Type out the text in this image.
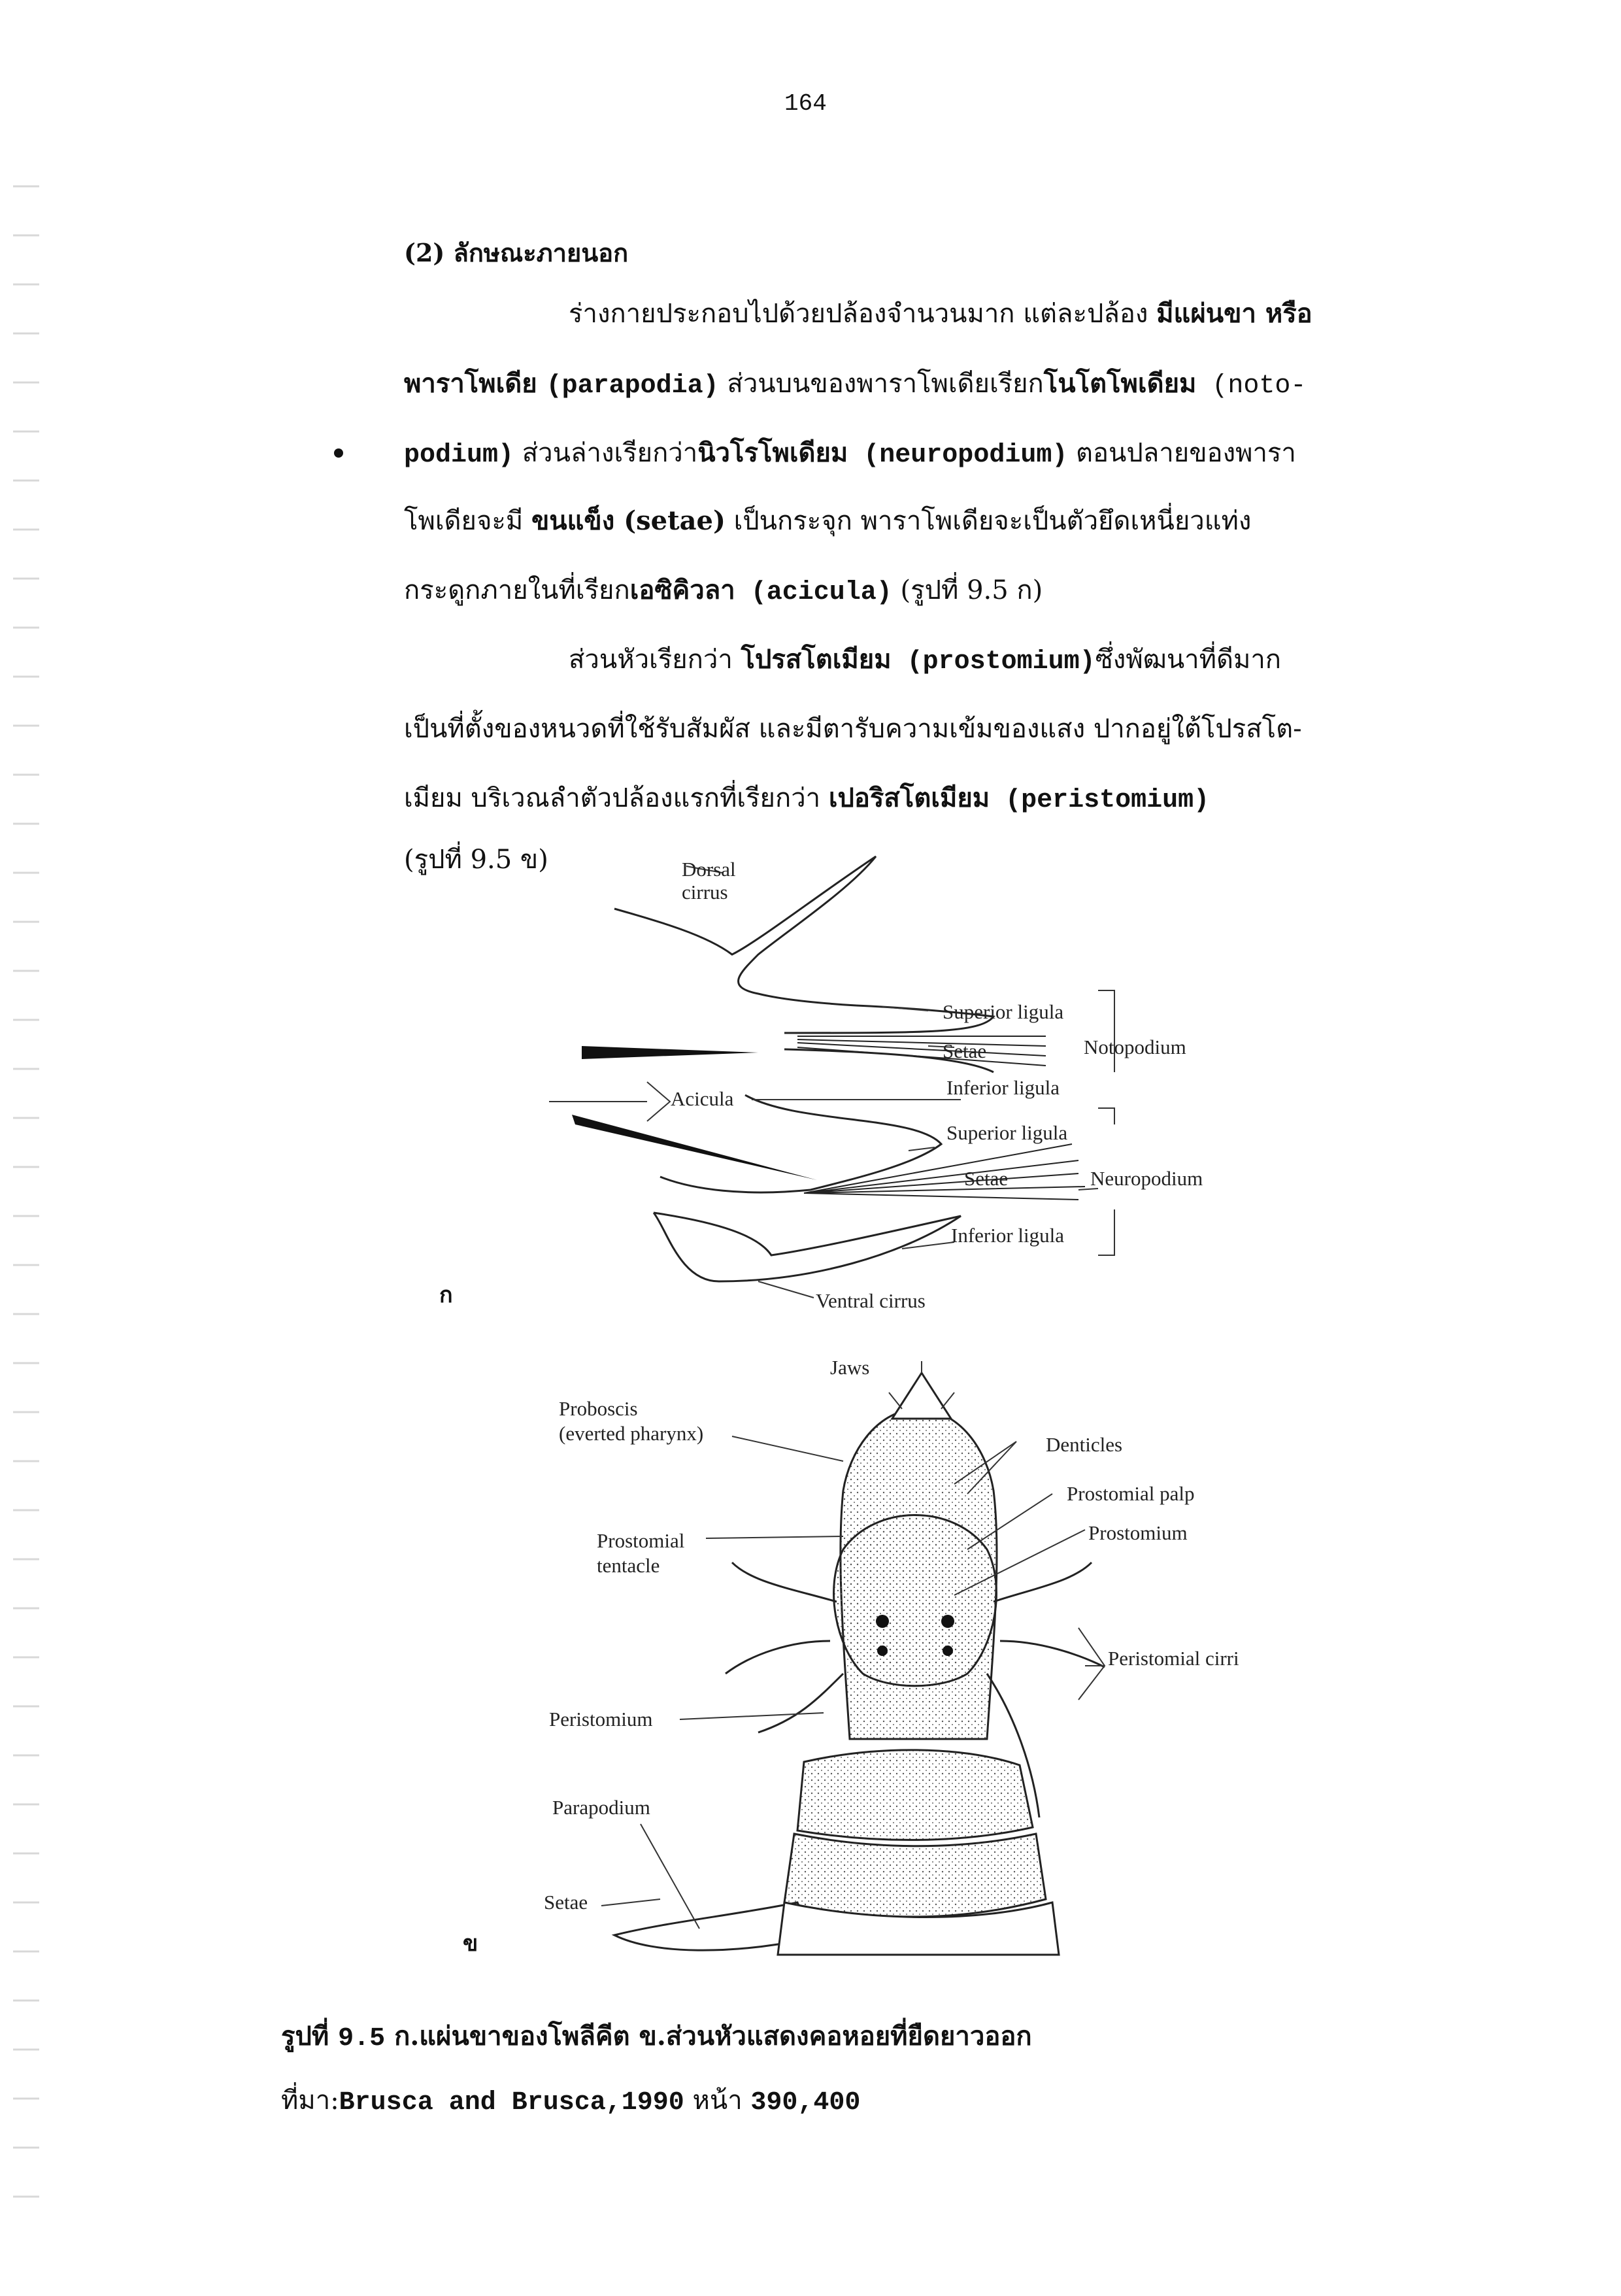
164
(2) ลักษณะภายนอก
ร่างกายประกอบไปด้วยปล้องจำนวนมาก แต่ละปล้อง มีแผ่นขา หรือ
พาราโพเดีย (parapodia) ส่วนบนของพาราโพเดียเรียกโนโตโพเดียม (noto-
podium) ส่วนล่างเรียกว่านิวโรโพเดียม (neuropodium) ตอนปลายของพารา
โพเดียจะมี ขนแข็ง (setae) เป็นกระจุก พาราโพเดียจะเป็นตัวยึดเหนี่ยวแท่ง
กระดูกภายในที่เรียกเอซิคิวลา (acicula) (รูปที่ 9.5 ก)
ส่วนหัวเรียกว่า โปรสโตเมียม (prostomium)ซึ่งพัฒนาที่ดีมาก
เป็นที่ตั้งของหนวดที่ใช้รับสัมผัส และมีตารับความเข้มของแสง ปากอยู่ใต้โปรสโต-
เมียม บริเวณลำตัวปล้องแรกที่เรียกว่า เปอริสโตเมียม (peristomium)
(รูปที่ 9.5 ข)	Dorsal
cirrus
Superior ligula
Setae	Notopodium
Acicula	Inferior ligula
Superior ligula
Setae	Neuropodium
Inferior ligula
Ventral cirrus
ก
Jaws
Proboscis
(everted pharynx)	Denticles
Prostomial palp
Prostomium
Prostomial
tentacle
Peristomial cirri
Peristomium
Parapodium
Setae
ข
รูปที่ 9.5 ก.แผ่นขาของโพลีคีต ข.ส่วนหัวแสดงคอหอยที่ยืดยาวออก
ที่มา:Brusca and Brusca,1990 หน้า 390,400
